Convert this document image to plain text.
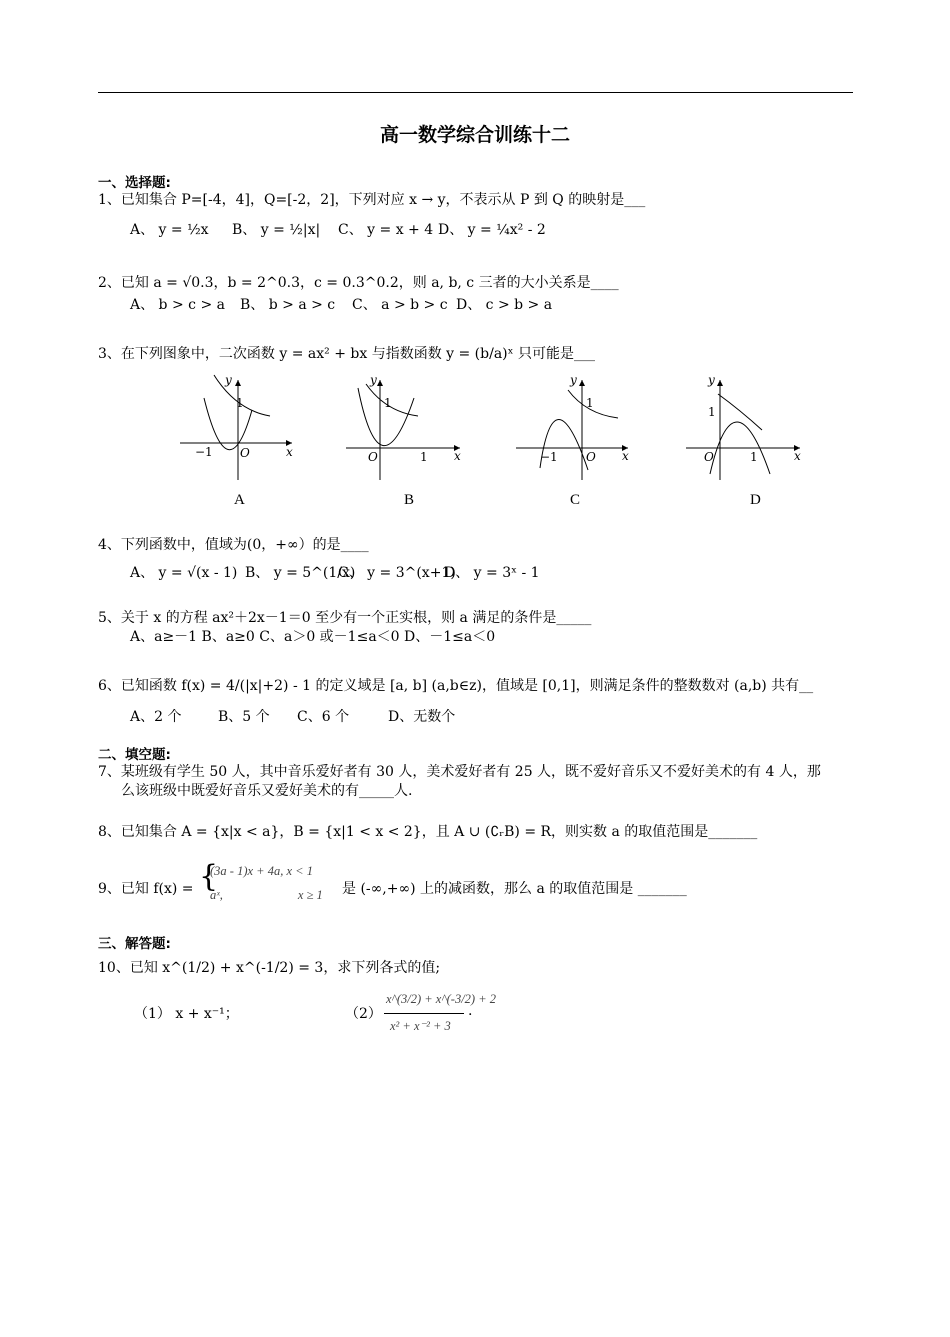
高一数学综合训练十二
一、选择题:
1、已知集合 P=[-4，4]，Q=[-2，2]，下列对应 x → y，不表示从 P 到 Q 的映射是___
A、 y = ½x B、 y = ½|x| C、 y = x + 4 D、 y = ¼x² - 2
2、已知 a = √0.3，b = 2^0.3，c = 0.3^0.2，则 a, b, c 三者的大小关系是____
A、 b > c > a B、 b > a > c C、 a > b > c D、 c > b > a
3、在下列图象中，二次函数 y = ax² + bx 与指数函数 y = (b/a)ˣ 只可能是___
y
x
O
−1
1
A
y
x
O	1
1
B
y
x
O
−1
1
C
y
x
O	1
1
D
4、下列函数中，值域为(0，+∞）的是____
A、 y = √(x - 1) B、 y = 5^(1/x)
C、 y = 3^(x+1)
D、 y = 3ˣ - 1
5、关于 x 的方程 ax²＋2x－1＝0 至少有一个正实根，则 a 满足的条件是_____
A、a≥－1 B、a≥0 C、a＞0 或－1≤a＜0 D、－1≤a＜0
6、已知函数 f(x) = 4/(|x|+2) - 1 的定义域是 [a, b] (a,b∈z)，值域是 [0,1]，则满足条件的整数数对 (a,b) 共有__
A、2 个	B、5 个 C、6 个	D、无数个
二、填空题:
7、某班级有学生 50 人，其中音乐爱好者有 30 人，美术爱好者有 25 人，既不爱好音乐又不爱好美术的有 4 人，那
么该班级中既爱好音乐又爱好美术的有_____人.
8、已知集合 A = {x|x < a}，B = {x|1 < x < 2}，且 A ∪ (∁ᵣB) = R，则实数 a 的取值范围是_______
9、已知 f(x) = {
(3a - 1)x + 4a, x < 1
aˣ,                        x ≥ 1 是 (-∞,+∞) 上的减函数，那么 a 的取值范围是 _______
三、解答题:
10、已知 x^(1/2) + x^(-1/2) = 3，求下列各式的值;
（1） x + x⁻¹；	（2）
x^(3/2) + x^(-3/2) + 2
x² + x⁻² + 3
.
